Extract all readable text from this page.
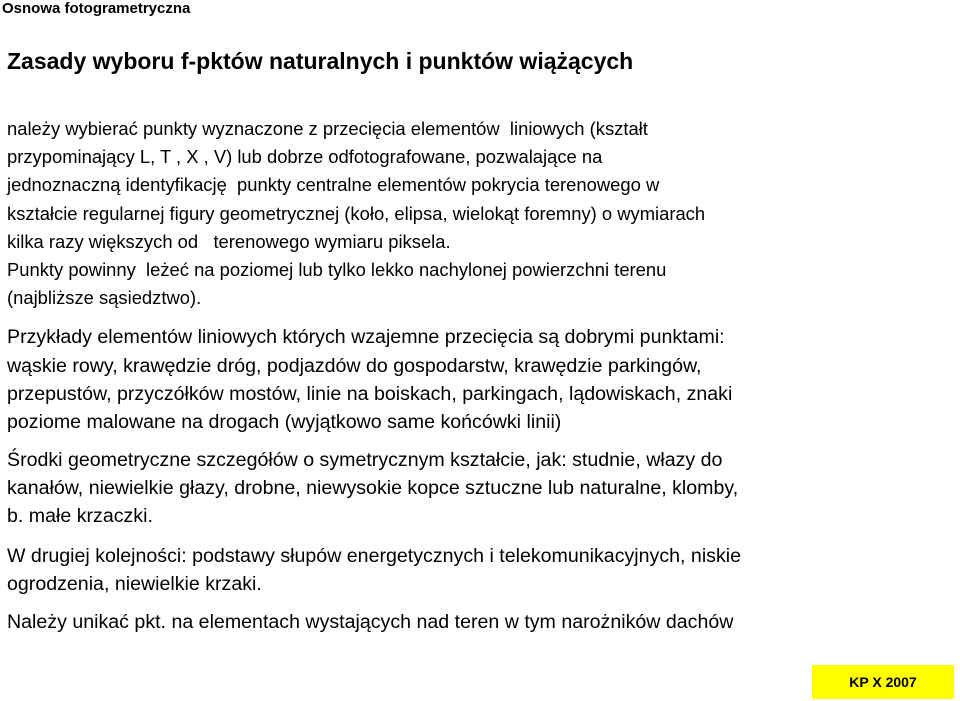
Osnowa fotogrametryczna
Zasady wyboru f-pktów naturalnych i punktów wiążących

należy wybierać punkty wyznaczone z przecięcia elementów  liniowych (kształt
przypominający L, T , X , V) lub dobrze odfotografowane, pozwalające na
jednoznaczną identyfikację  punkty centralne elementów pokrycia terenowego w
kształcie regularnej figury geometrycznej (koło, elipsa, wielokąt foremny) o wymiarach
kilka razy większych od   terenowego wymiaru piksela.

Punkty powinny  leżeć na poziomej lub tylko lekko nachylonej powierzchni terenu
(najbliższe sąsiedztwo).

Przykłady elementów liniowych których wzajemne przecięcia są dobrymi punktami:
wąskie rowy, krawędzie dróg, podjazdów do gospodarstw, krawędzie parkingów,
przepustów, przyczółków mostów, linie na boiskach, parkingach, lądowiskach, znaki
poziome malowane na drogach (wyjątkowo same końcówki linii)

Środki geometryczne szczegółów o symetrycznym kształcie, jak: studnie, włazy do
kanałów, niewielkie głazy, drobne, niewysokie kopce sztuczne lub naturalne, klomby,
b. małe krzaczki.

W drugiej kolejności: podstawy słupów energetycznych i telekomunikacyjnych, niskie
ogrodzenia, niewielkie krzaki.

Należy unikać pkt. na elementach wystających nad teren w tym narożników dachów

KP X 2007
